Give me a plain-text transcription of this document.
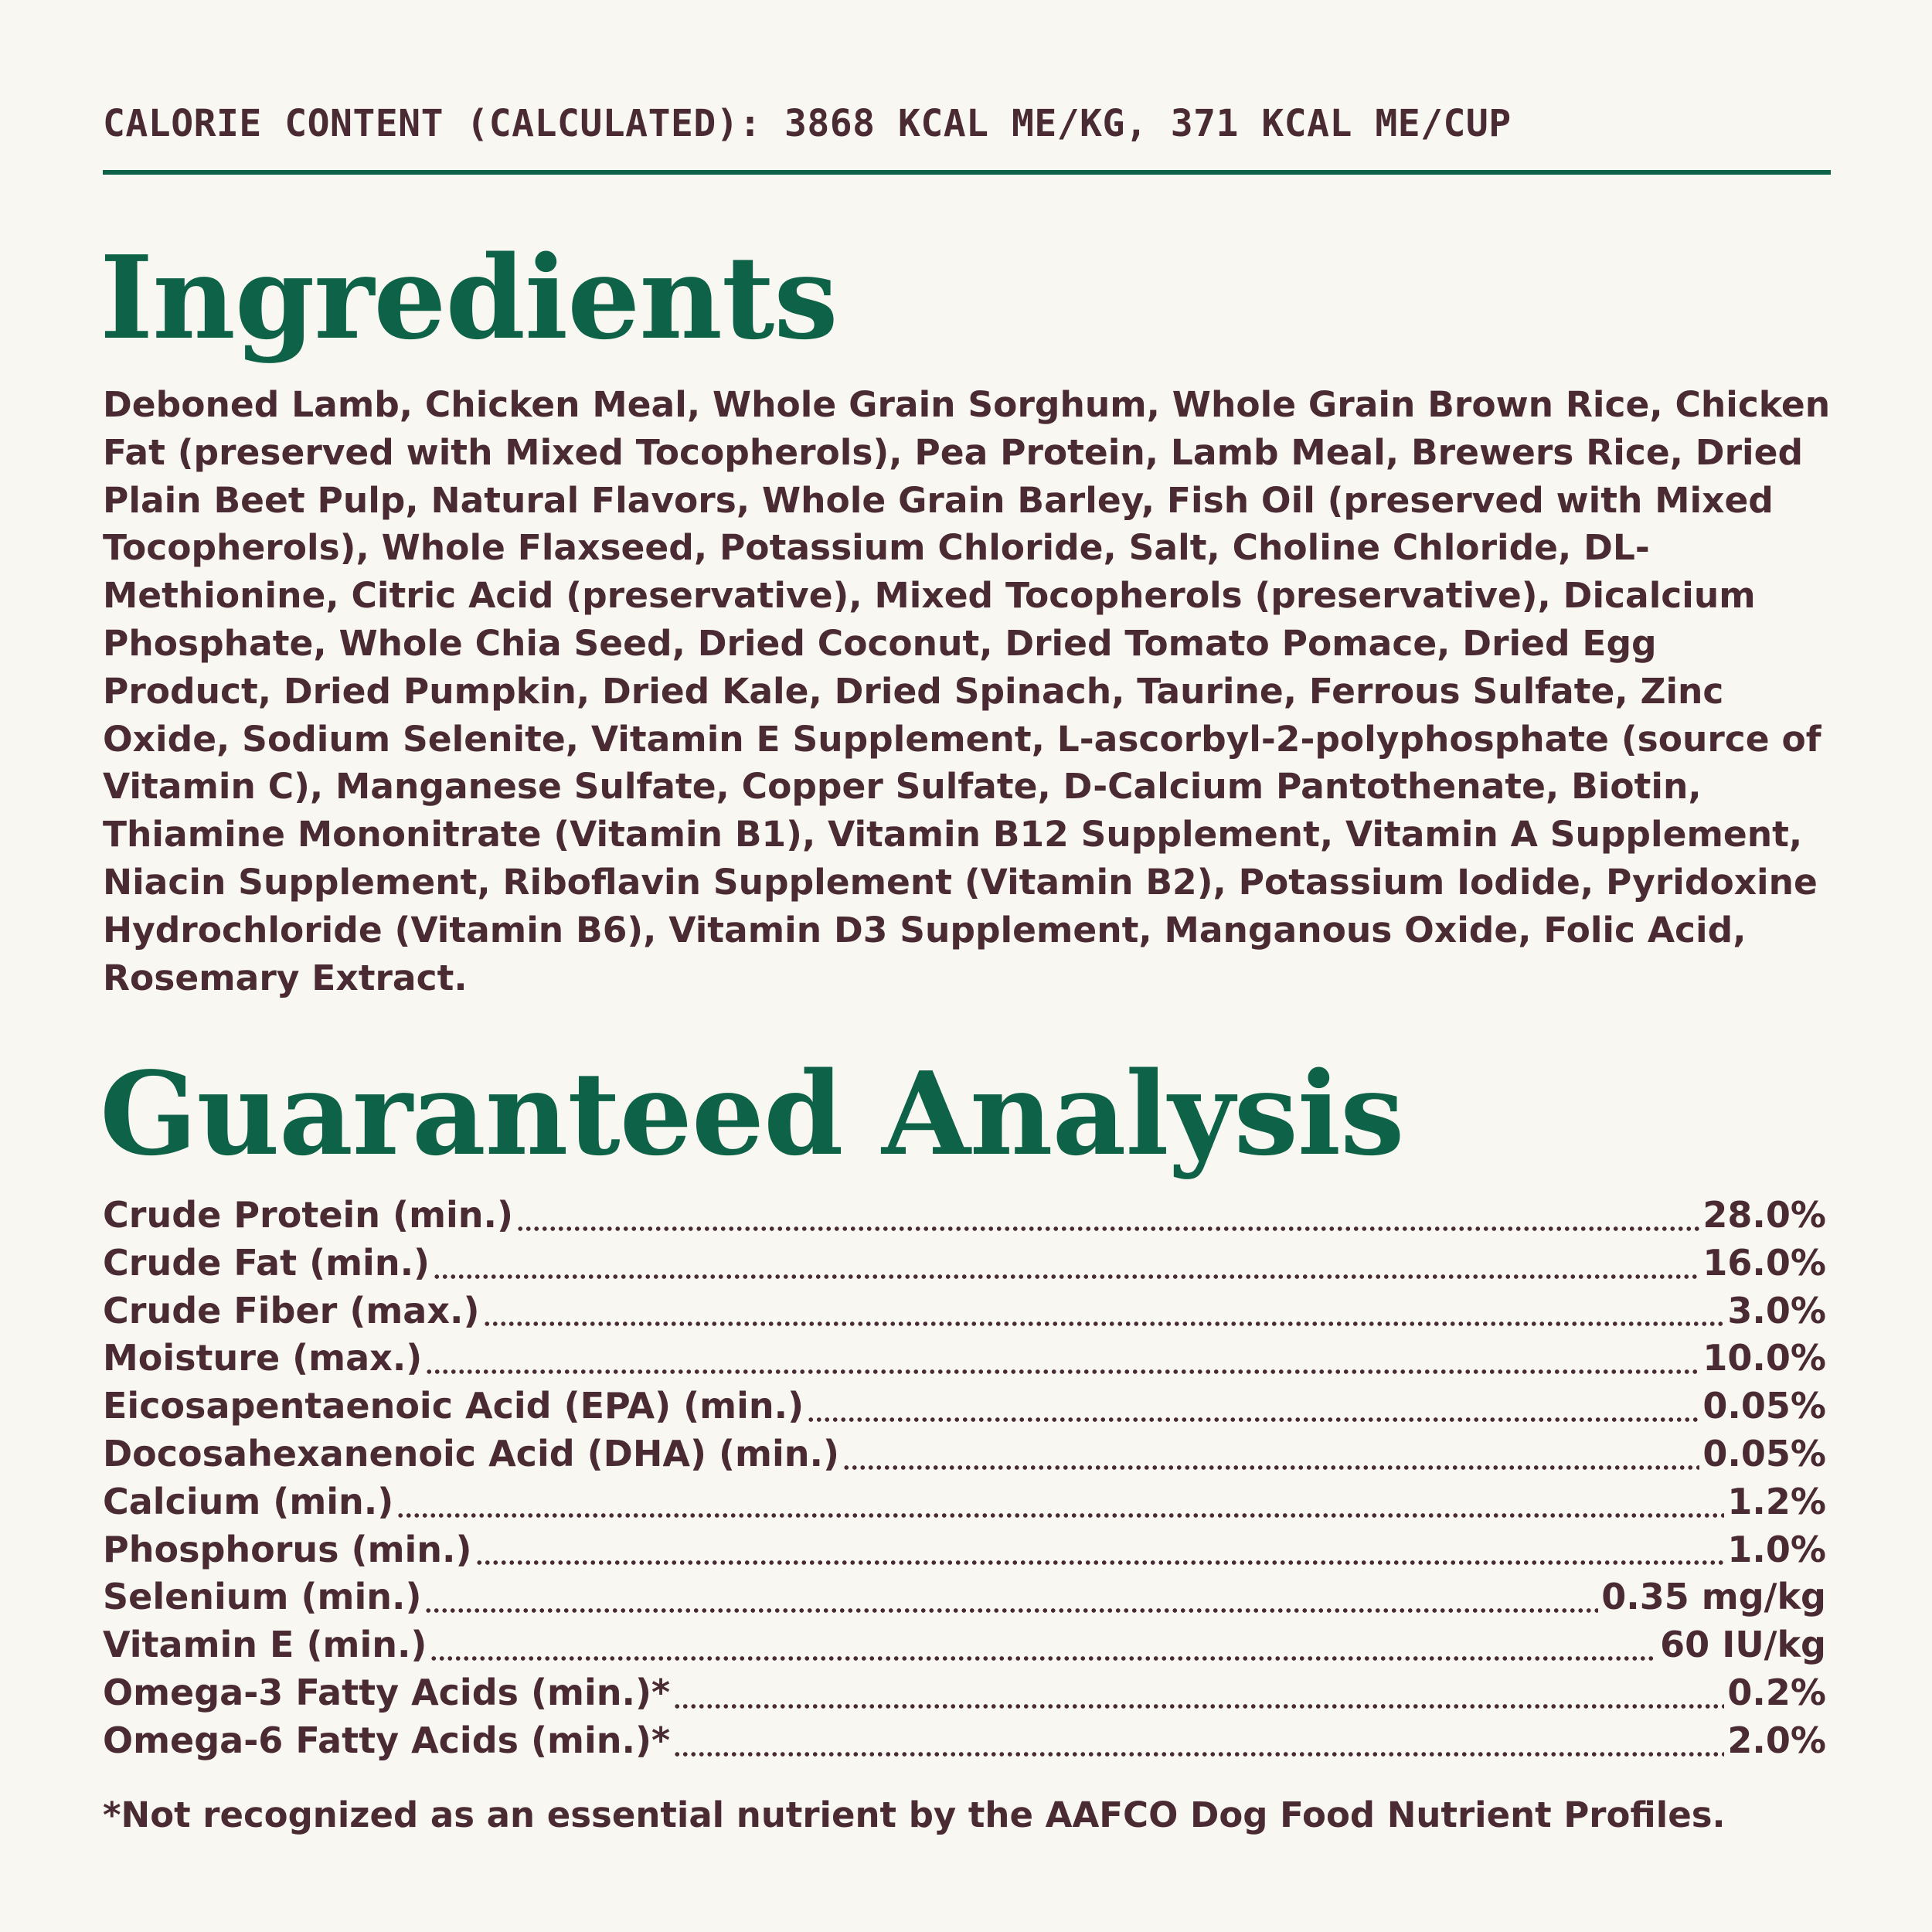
CALORIE CONTENT (CALCULATED): 3868 KCAL ME/KG, 371 KCAL ME/CUP
Ingredients

Deboned Lamb, Chicken Meal, Whole Grain Sorghum, Whole Grain Brown Rice, Chicken Fat (preserved with Mixed Tocopherols), Pea Protein, Lamb Meal, Brewers Rice, Dried Plain Beet Pulp, Natural Flavors, Whole Grain Barley, Fish Oil (preserved with Mixed Tocopherols), Whole Flaxseed, Potassium Chloride, Salt, Choline Chloride, DL-Methionine, Citric Acid (preservative), Mixed Tocopherols (preservative), Dicalcium Phosphate, Whole Chia Seed, Dried Coconut, Dried Tomato Pomace, Dried Egg Product, Dried Pumpkin, Dried Kale, Dried Spinach, Taurine, Ferrous Sulfate, Zinc Oxide, Sodium Selenite, Vitamin E Supplement, L-ascorbyl-2-polyphosphate (source of Vitamin C), Manganese Sulfate, Copper Sulfate, D-Calcium Pantothenate, Biotin, Thiamine Mononitrate (Vitamin B1), Vitamin B12 Supplement, Vitamin A Supplement, Niacin Supplement, Riboflavin Supplement (Vitamin B2), Potassium Iodide, Pyridoxine Hydrochloride (Vitamin B6), Vitamin D3 Supplement, Manganous Oxide, Folic Acid, Rosemary Extract.

Guaranteed Analysis
Crude Protein (min.)	28.0%
Crude Fat (min.)	16.0%
Crude Fiber (max.)	3.0%
Moisture (max.)	10.0%
Eicosapentaenoic Acid (EPA) (min.)	0.05%
Docosahexanenoic Acid (DHA) (min.)	0.05%
Calcium (min.)	1.2%
Phosphorus (min.)	1.0%
Selenium (min.)	0.35 mg/kg
Vitamin E (min.)	60 IU/kg
Omega-3 Fatty Acids (min.)*	0.2%
Omega-6 Fatty Acids (min.)*	2.0%
*Not recognized as an essential nutrient by the AAFCO Dog Food Nutrient Profiles.
